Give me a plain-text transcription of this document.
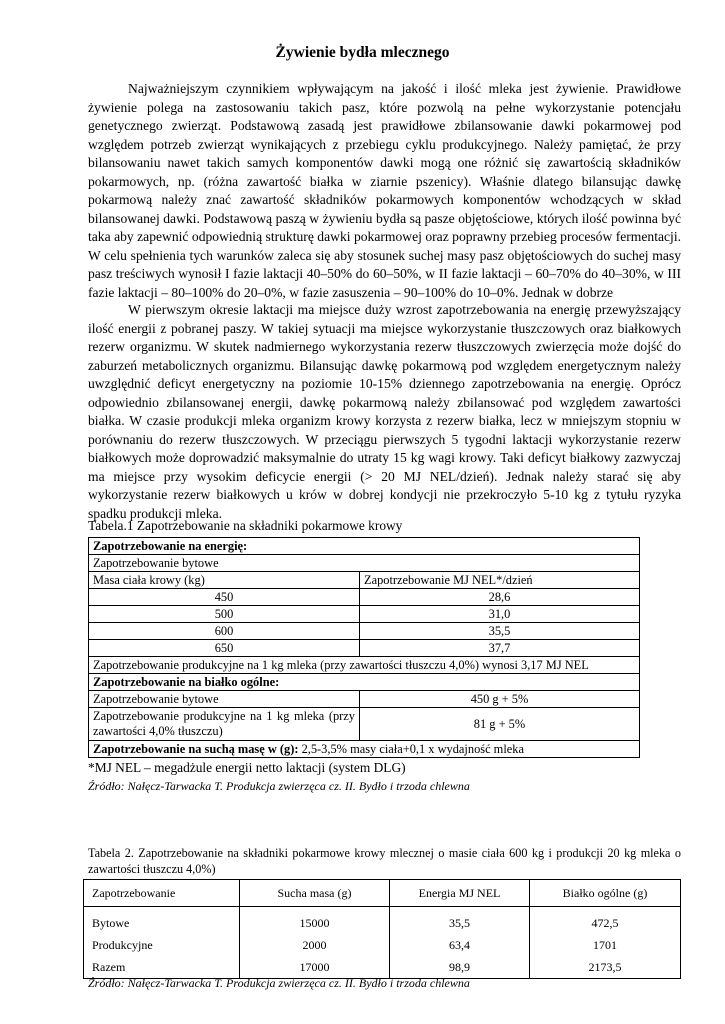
Żywienie bydła mlecznego

Najważniejszym czynnikiem wpływającym na jakość i ilość mleka jest żywienie. Prawidłowe żywienie polega na zastosowaniu takich pasz, które pozwolą na pełne wykorzystanie potencjału genetycznego zwierząt. Podstawową zasadą jest prawidłowe zbilansowanie dawki pokarmowej pod względem potrzeb zwierząt wynikających z przebiegu cyklu produkcyjnego. Należy pamiętać, że przy bilansowaniu nawet takich samych komponentów dawki mogą one różnić się zawartością składników pokarmowych, np. (różna zawartość białka w ziarnie pszenicy). Właśnie dlatego bilansując dawkę pokarmową należy znać zawartość składników pokarmowych komponentów wchodzących w skład bilansowanej dawki. Podstawową paszą w żywieniu bydła są pasze objętościowe, których ilość powinna być taka aby zapewnić odpowiednią strukturę dawki pokarmowej oraz poprawny przebieg procesów fermentacji. W celu spełnienia tych warunków zaleca się aby stosunek suchej masy pasz objętościowych do suchej masy pasz treściwych wynosił I fazie laktacji 40–50% do 60–50%, w II fazie laktacji – 60–70% do 40–30%, w III fazie laktacji – 80–100% do 20–0%, w fazie zasuszenia – 90–100% do 10–0%. Jednak w dobrze

W pierwszym okresie laktacji ma miejsce duży wzrost zapotrzebowania na energię przewyższający ilość energii z pobranej paszy. W takiej sytuacji ma miejsce wykorzystanie tłuszczowych oraz białkowych rezerw organizmu. W skutek nadmiernego wykorzystania rezerw tłuszczowych zwierzęcia może dojść do zaburzeń metabolicznych organizmu. Bilansując dawkę pokarmową pod względem energetycznym należy uwzględnić deficyt energetyczny na poziomie 10-15% dziennego zapotrzebowania na energię. Oprócz odpowiednio zbilansowanej energii, dawkę pokarmową należy zbilansować pod względem zawartości białka. W czasie produkcji mleka organizm krowy korzysta z rezerw białka, lecz w mniejszym stopniu w porównaniu do rezerw tłuszczowych. W przeciągu pierwszych 5 tygodni laktacji wykorzystanie rezerw białkowych może doprowadzić maksymalnie do utraty 15 kg wagi krowy. Taki deficyt białkowy zazwyczaj ma miejsce przy wysokim deficycie energii (> 20 MJ NEL/dzień). Jednak należy starać się aby wykorzystanie rezerw białkowych u krów w dobrej kondycji nie przekroczyło 5-10 kg z tytułu ryzyka spadku produkcji mleka.

Tabela.1 Zapotrzebowanie na składniki pokarmowe krowy
Zapotrzebowanie na energię:	
Zapotrzebowanie bytowe	
Masa ciała krowy (kg)	Zapotrzebowanie MJ NEL*/dzień
450	28,6
500	31,0
600	35,5
650	37,7
Zapotrzebowanie produkcyjne na 1 kg mleka (przy zawartości tłuszczu 4,0%) wynosi 3,17 MJ NEL	
Zapotrzebowanie na białko ogólne:	
Zapotrzebowanie bytowe	450 g + 5%
Zapotrzebowanie produkcyjne na 1 kg mleka (przy zawartości 4,0% tłuszczu)	81 g + 5%
Zapotrzebowanie na suchą masę w (g): 2,5-3,5% masy ciała+0,1 x wydajność mleka	
*MJ NEL – megadżule energii netto laktacji (system DLG)
Źródło: Nałęcz-Tarwacka T. Produkcja zwierzęca cz. II. Bydło i trzoda chlewna
Tabela 2. Zapotrzebowanie na składniki pokarmowe krowy mlecznej o masie ciała 600 kg i produkcji 20 kg mleka o zawartości tłuszczu 4,0%)
Zapotrzebowanie	Sucha masa (g)	Energia MJ NEL	Białko ogólne (g)
Bytowe	15000	35,5	472,5
Produkcyjne	2000	63,4	1701
Razem	17000	98,9	2173,5
Źródło: Nałęcz-Tarwacka T. Produkcja zwierzęca cz. II. Bydło i trzoda chlewna
